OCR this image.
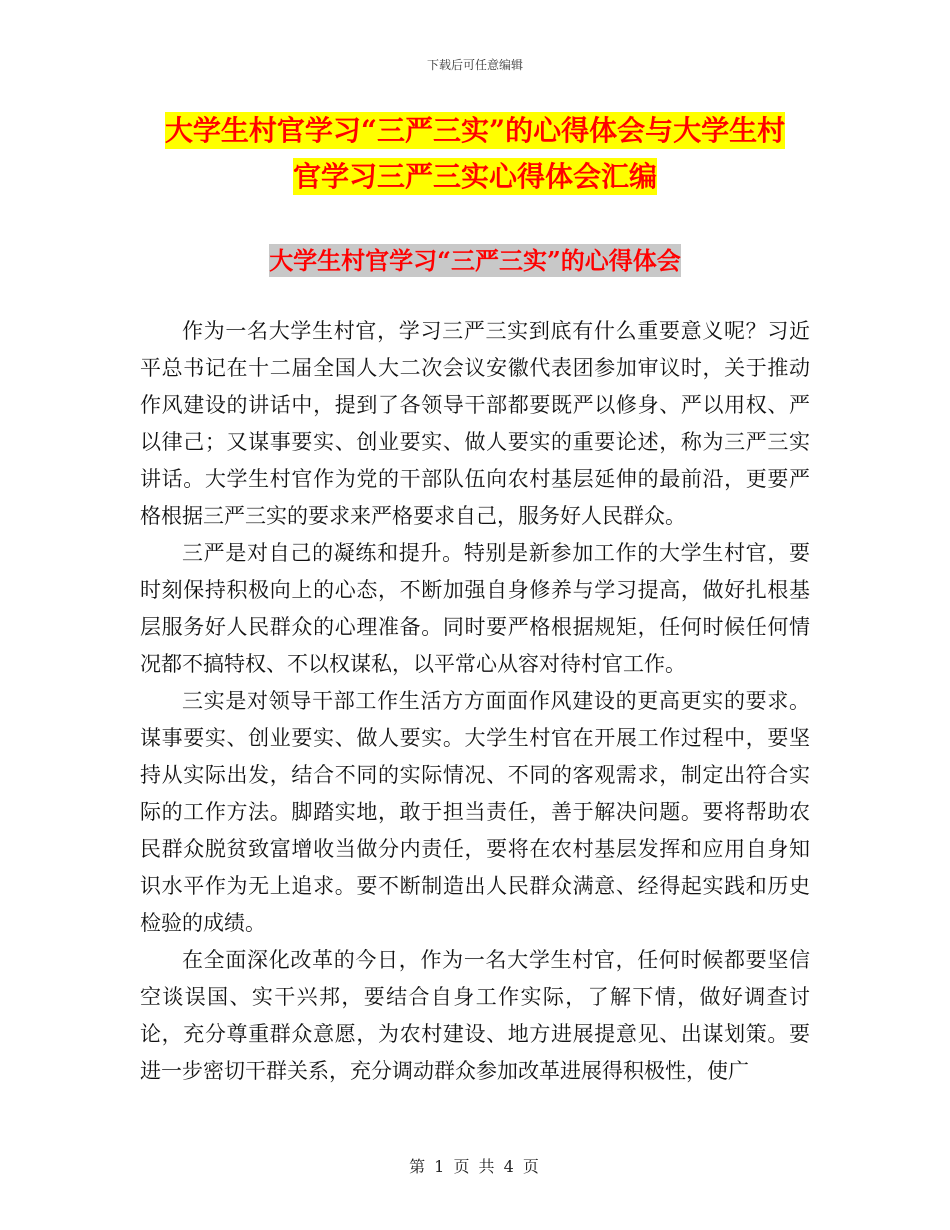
下载后可任意编辑
大学生村官学习“三严三实”的心得体会与大学生村
官学习三严三实心得体会汇编
大学生村官学习“三严三实”的心得体会

作为一名大学生村官，学习三严三实到底有什么重要意义呢？习近平总书记在十二届全国人大二次会议安徽代表团参加审议时，关于推动作风建设的讲话中，提到了各领导干部都要既严以修身、严以用权、严以律己；又谋事要实、创业要实、做人要实的重要论述，称为三严三实讲话。大学生村官作为党的干部队伍向农村基层延伸的最前沿，更要严格根据三严三实的要求来严格要求自己，服务好人民群众。

三严是对自己的凝练和提升。特别是新参加工作的大学生村官，要时刻保持积极向上的心态，不断加强自身修养与学习提高，做好扎根基层服务好人民群众的心理准备。同时要严格根据规矩，任何时候任何情况都不搞特权、不以权谋私，以平常心从容对待村官工作。

三实是对领导干部工作生活方方面面作风建设的更高更实的要求。谋事要实、创业要实、做人要实。大学生村官在开展工作过程中，要坚持从实际出发，结合不同的实际情况、不同的客观需求，制定出符合实际的工作方法。脚踏实地，敢于担当责任，善于解决问题。要将帮助农民群众脱贫致富增收当做分内责任，要将在农村基层发挥和应用自身知识水平作为无上追求。要不断制造出人民群众满意、经得起实践和历史检验的成绩。

在全面深化改革的今日，作为一名大学生村官，任何时候都要坚信空谈误国、实干兴邦，要结合自身工作实际，了解下情，做好调查讨论，充分尊重群众意愿，为农村建设、地方进展提意见、出谋划策。要进一步密切干群关系，充分调动群众参加改革进展得积极性，使广

第 1 页 共 4 页
